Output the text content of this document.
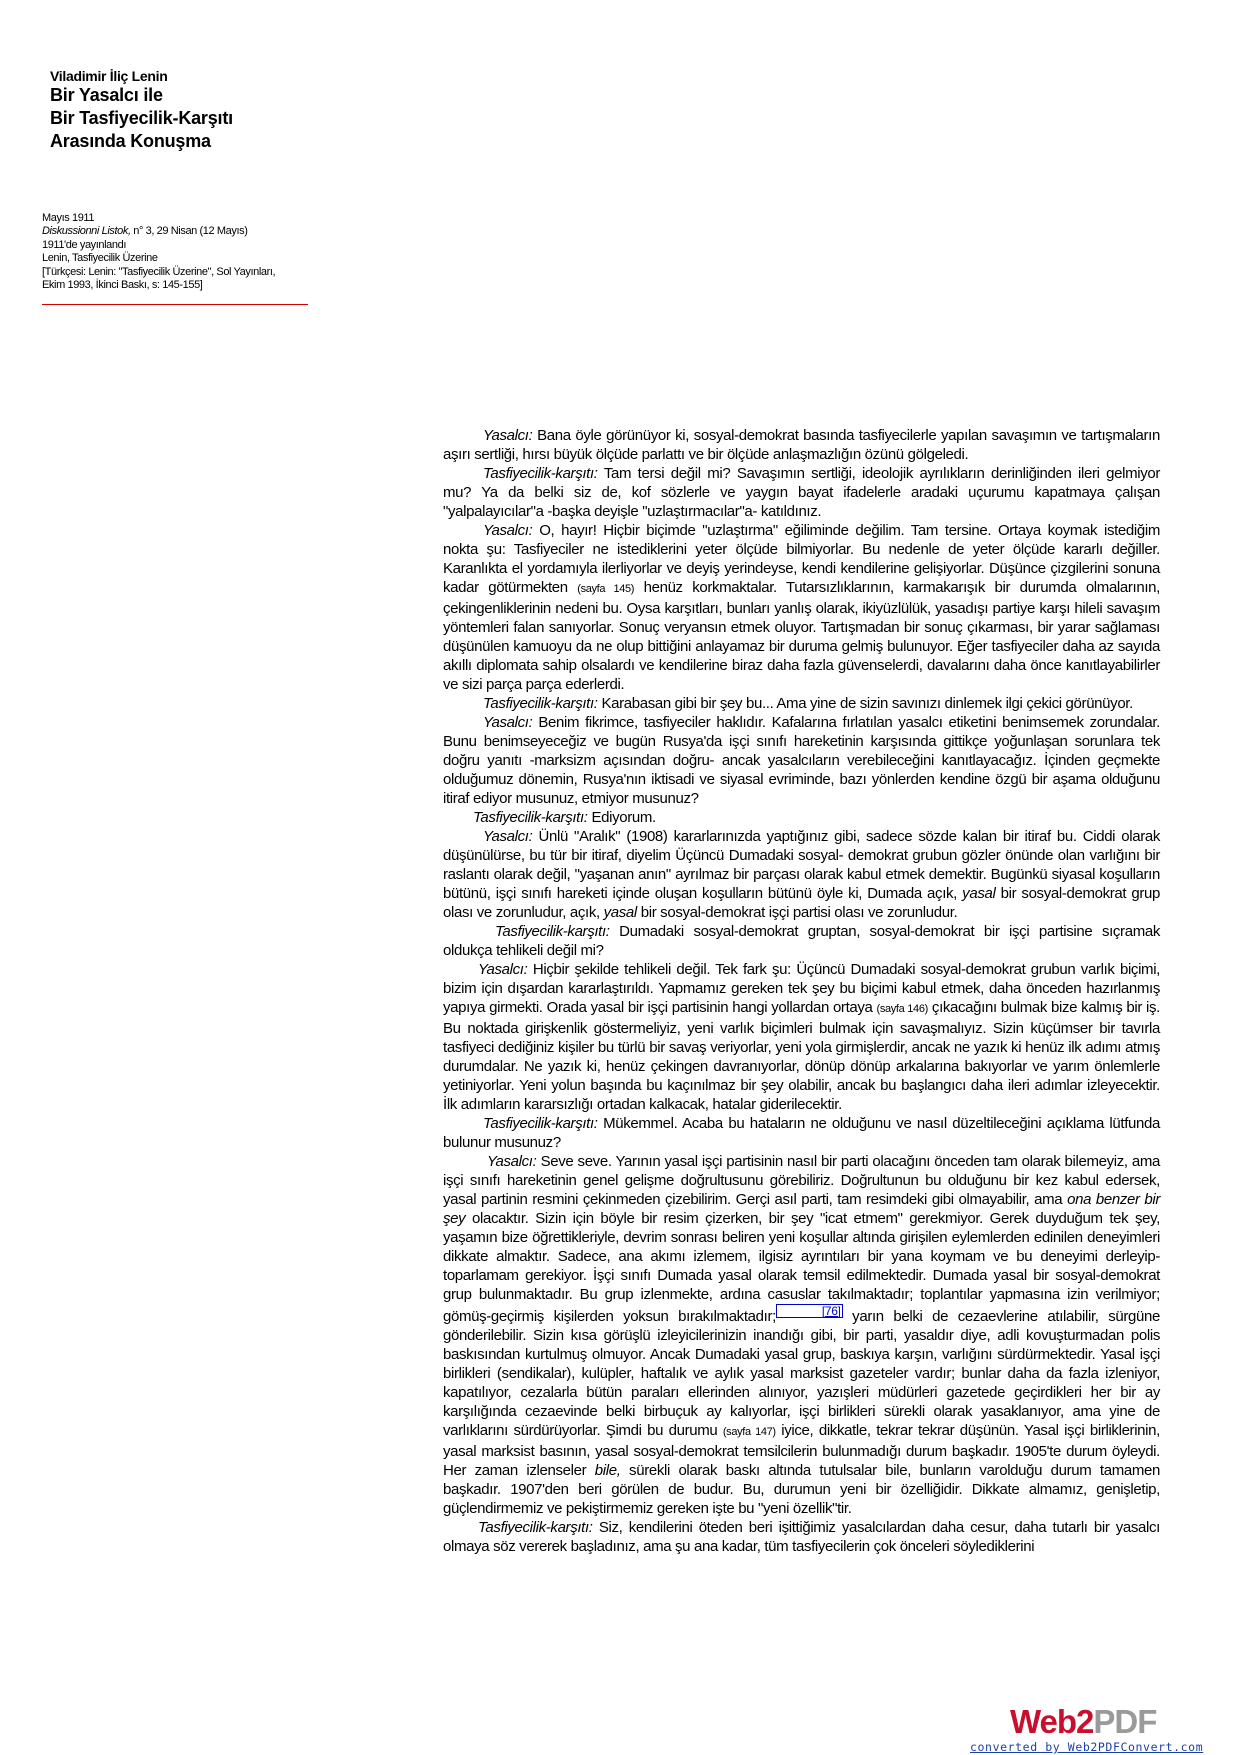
Viladimir İliç Lenin
Bir Yasalcı ile
Bir Tasfiyecilik-Karşıtı
Arasında Konuşma
Mayıs 1911
Diskussionni Listok, n° 3, 29 Nisan (12 Mayıs)
1911'de yayınlandı
Lenin, Tasfiyecilik Üzerine
[Türkçesi: Lenin: "Tasfiyecilik Üzerine", Sol Yayınları,
Ekim 1993, İkinci Baskı, s: 145-155]

Yasalcı: Bana öyle görünüyor ki, sosyal-demokrat basında tasfiyecilerle yapılan savaşımın ve tartışmaların aşırı sertliği, hırsı büyük ölçüde parlattı ve bir ölçüde anlaşmazlığın özünü gölgeledi.

Tasfiyecilik-karşıtı: Tam tersi değil mi? Savaşımın sertliği, ideolojik ayrılıkların derinliğinden ileri gelmiyor mu? Ya da belki siz de, kof sözlerle ve yaygın bayat ifadelerle aradaki uçurumu kapatmaya çalışan "yalpalayıcılar"a -başka deyişle "uzlaştırmacılar"a- katıldınız.

Yasalcı: O, hayır! Hiçbir biçimde "uzlaştırma" eğiliminde değilim. Tam tersine. Ortaya koymak istediğim nokta şu: Tasfiyeciler ne istediklerini yeter ölçüde bilmiyorlar. Bu nedenle de yeter ölçüde kararlı değiller. Karanlıkta el yordamıyla ilerliyorlar ve deyiş yerindeyse, kendi kendilerine gelişiyorlar. Düşünce çizgilerini sonuna kadar götürmekten (sayfa 145) henüz korkmaktalar. Tutarsızlıklarının, karmakarışık bir durumda olmalarının, çekingenliklerinin nedeni bu. Oysa karşıtları, bunları yanlış olarak, ikiyüzlülük, yasadışı partiye karşı hileli savaşım yöntemleri falan sanıyorlar. Sonuç veryansın etmek oluyor. Tartışmadan bir sonuç çıkarması, bir yarar sağlaması düşünülen kamuoyu da ne olup bittiğini anlayamaz bir duruma gelmiş bulunuyor. Eğer tasfiyeciler daha az sayıda akıllı diplomata sahip olsalardı ve kendilerine biraz daha fazla güvenselerdi, davalarını daha önce kanıtlayabilirler ve sizi parça parça ederlerdi.

Tasfiyecilik-karşıtı: Karabasan gibi bir şey bu... Ama yine de sizin savınızı dinlemek ilgi çekici görünüyor.

Yasalcı: Benim fikrimce, tasfiyeciler haklıdır. Kafalarına fırlatılan yasalcı etiketini benimsemek zorundalar. Bunu benimseyeceğiz ve bugün Rusya'da işçi sınıfı hareketinin karşısında gittikçe yoğunlaşan sorunlara tek doğru yanıtı -marksizm açısından doğru- ancak yasalcıların verebileceğini kanıtlayacağız. İçinden geçmekte olduğumuz dönemin, Rusya'nın iktisadi ve siyasal evriminde, bazı yönlerden kendine özgü bir aşama olduğunu itiraf ediyor musunuz, etmiyor musunuz?

Tasfiyecilik-karşıtı: Ediyorum.

Yasalcı: Ünlü "Aralık" (1908) kararlarınızda yaptığınız gibi, sadece sözde kalan bir itiraf bu. Ciddi olarak düşünülürse, bu tür bir itiraf, diyelim Üçüncü Dumadaki sosyal- demokrat grubun gözler önünde olan varlığını bir raslantı olarak değil, "yaşanan anın" ayrılmaz bir parçası olarak kabul etmek demektir. Bugünkü siyasal koşulların bütünü, işçi sınıfı hareketi içinde oluşan koşulların bütünü öyle ki, Dumada açık, yasal bir sosyal-demokrat grup olası ve zorunludur, açık, yasal bir sosyal-demokrat işçi partisi olası ve zorunludur.

Tasfiyecilik-karşıtı: Dumadaki sosyal-demokrat gruptan, sosyal-demokrat bir işçi partisine sıçramak oldukça tehlikeli değil mi?

Yasalcı: Hiçbir şekilde tehlikeli değil. Tek fark şu: Üçüncü Dumadaki sosyal-demokrat grubun varlık biçimi, bizim için dışardan kararlaştırıldı. Yapmamız gereken tek şey bu biçimi kabul etmek, daha önceden hazırlanmış yapıya girmekti. Orada yasal bir işçi partisinin hangi yollardan ortaya (sayfa 146) çıkacağını bulmak bize kalmış bir iş. Bu noktada girişkenlik göstermeliyiz, yeni varlık biçimleri bulmak için savaşmalıyız. Sizin küçümser bir tavırla tasfiyeci dediğiniz kişiler bu türlü bir savaş veriyorlar, yeni yola girmişlerdir, ancak ne yazık ki henüz ilk adımı atmış durumdalar. Ne yazık ki, henüz çekingen davranıyorlar, dönüp dönüp arkalarına bakıyorlar ve yarım önlemlerle yetiniyorlar. Yeni yolun başında bu kaçınılmaz bir şey olabilir, ancak bu başlangıcı daha ileri adımlar izleyecektir. İlk adımların kararsızlığı ortadan kalkacak, hatalar giderilecektir.

Tasfiyecilik-karşıtı: Mükemmel. Acaba bu hataların ne olduğunu ve nasıl düzeltileceğini açıklama lütfunda bulunur musunuz?

Yasalcı: Seve seve. Yarının yasal işçi partisinin nasıl bir parti olacağını önceden tam olarak bilemeyiz, ama işçi sınıfı hareketinin genel gelişme doğrultusunu görebiliriz. Doğrultunun bu olduğunu bir kez kabul edersek, yasal partinin resmini çekinmeden çizebilirim. Gerçi asıl parti, tam resimdeki gibi olmayabilir, ama ona benzer bir şey olacaktır. Sizin için böyle bir resim çizerken, bir şey "icat etmem" gerekmiyor. Gerek duyduğum tek şey, yaşamın bize öğrettikleriyle, devrim sonrası beliren yeni koşullar altında girişilen eylemlerden edinilen deneyimleri dikkate almaktır. Sadece, ana akımı izlemem, ilgisiz ayrıntıları bir yana koymam ve bu deneyimi derleyip-toparlamam gerekiyor. İşçi sınıfı Dumada yasal olarak temsil edilmektedir. Dumada yasal bir sosyal-demokrat grup bulunmaktadır. Bu grup izlenmekte, ardına casuslar takılmaktadır; toplantılar yapmasına izin verilmiyor; gömüş-geçirmiş kişilerden yoksun bırakılmaktadır;	[76] yarın belki de cezaevlerine atılabilir, sürgüne gönderilebilir. Sizin kısa görüşlü izleyicilerinizin inandığı gibi, bir parti, yasaldır diye, adli kovuşturmadan polis baskısından kurtulmuş olmuyor. Ancak Dumadaki yasal grup, baskıya karşın, varlığını sürdürmektedir. Yasal işçi birlikleri (sendikalar), kulüpler, haftalık ve aylık yasal marksist gazeteler vardır; bunlar daha da fazla izleniyor, kapatılıyor, cezalarla bütün paraları ellerinden alınıyor, yazışleri müdürleri gazetede geçirdikleri her bir ay karşılığında cezaevinde belki birbuçuk ay kalıyorlar, işçi birlikleri sürekli olarak yasaklanıyor, ama yine de varlıklarını sürdürüyorlar. Şimdi bu durumu (sayfa 147) iyice, dikkatle, tekrar tekrar düşünün. Yasal işçi birliklerinin, yasal marksist basının, yasal sosyal-demokrat temsilcilerin bulunmadığı durum başkadır. 1905'te durum öyleydi. Her zaman izlenseler bile, sürekli olarak baskı altında tutulsalar bile, bunların varolduğu durum tamamen başkadır. 1907'den beri görülen de budur. Bu, durumun yeni bir özelliğidir. Dikkate almamız, genişletip, güçlendirmemiz ve pekiştirmemiz gereken işte bu "yeni özellik"tir.

Tasfiyecilik-karşıtı: Siz, kendilerini öteden beri işittiğimiz yasalcılardan daha cesur, daha tutarlı bir yasalcı olmaya söz vererek başladınız, ama şu ana kadar, tüm tasfiyecilerin çok önceleri söylediklerini

Web2PDF
converted by Web2PDFConvert.com
